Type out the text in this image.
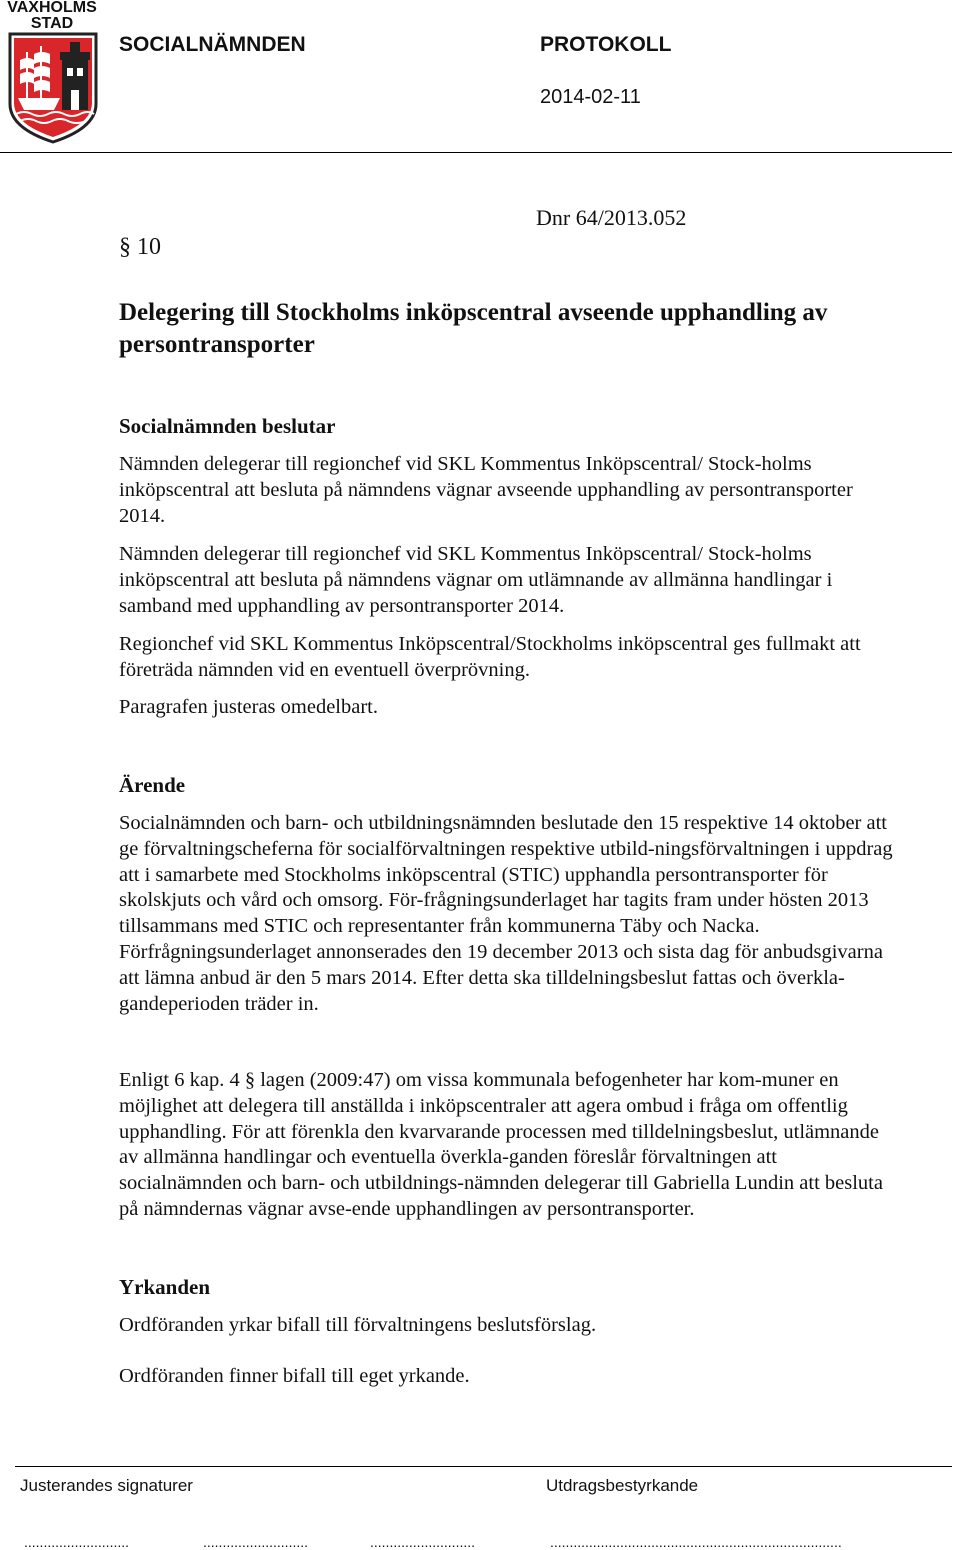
VAXHOLMS STAD
SOCIALNÄMNDEN	PROTOKOLL
2014-02-11
Dnr 64/2013.052
§ 10
Delegering till Stockholms inköpscentral avseende upphandling av persontransporter
Socialnämnden beslutar
Nämnden delegerar till regionchef vid SKL Kommentus Inköpscentral/ Stock-holms inköpscentral att besluta på nämndens vägnar avseende upphandling av persontransporter 2014.
Nämnden delegerar till regionchef vid SKL Kommentus Inköpscentral/ Stock-holms inköpscentral att besluta på nämndens vägnar om utlämnande av allmänna handlingar i samband med upphandling av persontransporter 2014.
Regionchef vid SKL Kommentus Inköpscentral/Stockholms inköpscentral ges fullmakt att företräda nämnden vid en eventuell överprövning.
Paragrafen justeras omedelbart.
Ärende
Socialnämnden och barn- och utbildningsnämnden beslutade den 15 respektive 14 oktober att ge förvaltningscheferna för socialförvaltningen respektive utbild-ningsförvaltningen i uppdrag att i samarbete med Stockholms inköpscentral (STIC) upphandla persontransporter för skolskjuts och vård och omsorg. För-frågningsunderlaget har tagits fram under hösten 2013 tillsammans med STIC och representanter från kommunerna Täby och Nacka. Förfrågningsunderlaget annonserades den 19 december 2013 och sista dag för anbudsgivarna att lämna anbud är den 5 mars 2014. Efter detta ska tilldelningsbeslut fattas och överkla-gandeperioden träder in.
Enligt 6 kap. 4 § lagen (2009:47) om vissa kommunala befogenheter har kom-muner en möjlighet att delegera till anställda i inköpscentraler att agera ombud i fråga om offentlig upphandling. För att förenkla den kvarvarande processen med tilldelningsbeslut, utlämnande av allmänna handlingar och eventuella överkla-ganden föreslår förvaltningen att socialnämnden och barn- och utbildnings-nämnden delegerar till Gabriella Lundin att besluta på nämndernas vägnar avse-ende upphandlingen av persontransporter.
Yrkanden
Ordföranden yrkar bifall till förvaltningens beslutsförslag.
Ordföranden finner bifall till eget yrkande.
Justerandes signaturer	Utdragsbestyrkande
...........................	...........................	...........................	...........................................................................
